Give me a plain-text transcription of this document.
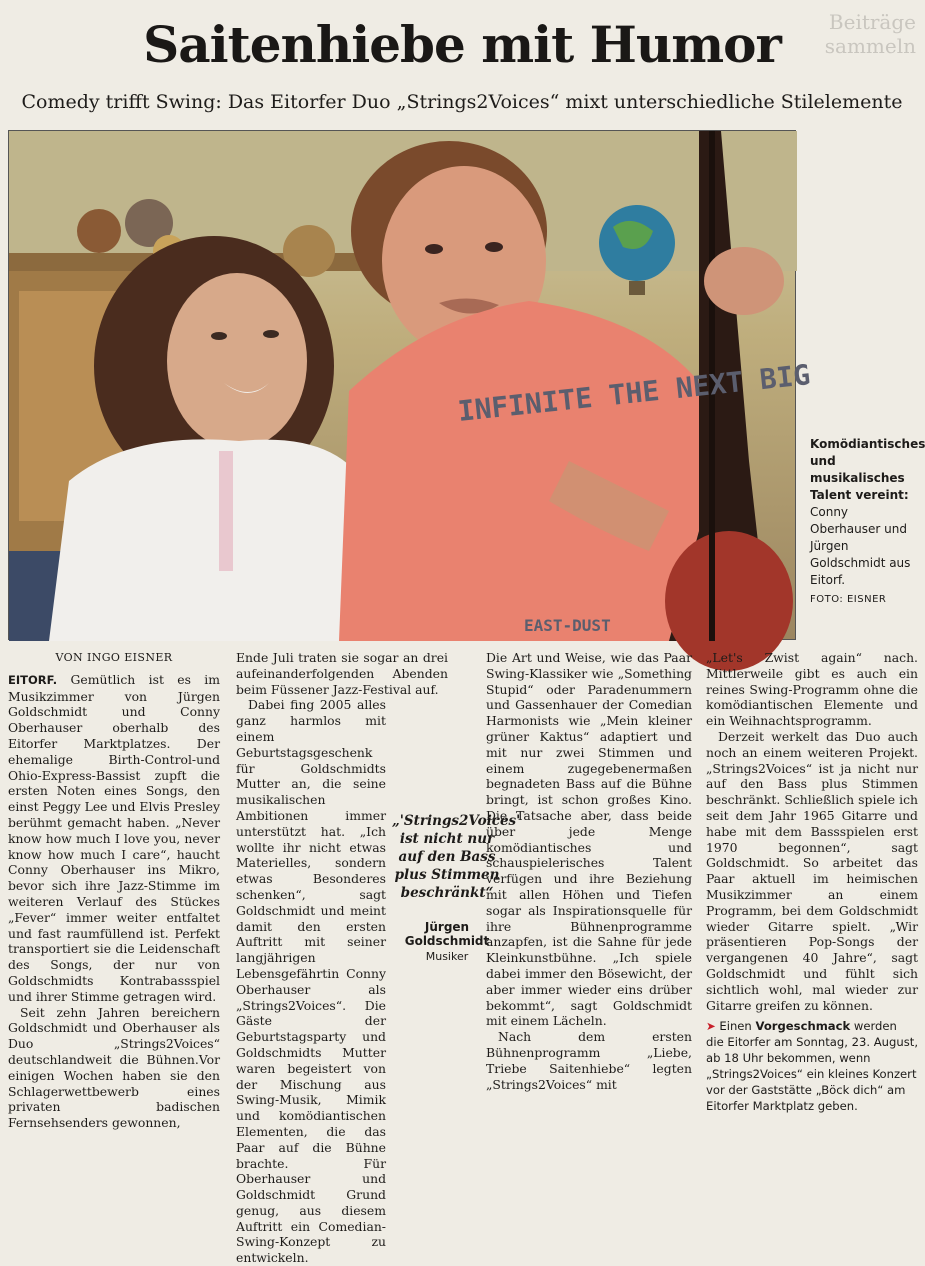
Beiträge sammeln
Saitenhiebe mit Humor
Comedy trifft Swing: Das Eitorfer Duo „Strings2Voices“ mixt unterschiedliche Stilelemente
INFINITE THE NEXT BIG
EAST-DUST
Komödiantisches und musikalisches Talent vereint: Conny Oberhauser und Jürgen Goldschmidt aus Eitorf.
FOTO: EISNER
VON INGO EISNER

EITORF. Gemütlich ist es im Musikzimmer von Jürgen Goldschmidt und Conny Oberhauser oberhalb des Eitorfer Marktplatzes. Der ehemalige Birth-Control-und Ohio-Express-Bassist zupft die ersten Noten eines Songs, den einst Peggy Lee und Elvis Presley berühmt gemacht haben. „Never know how much I love you, never know how much I care“, haucht Conny Oberhauser ins Mikro, bevor sich ihre Jazz-Stimme im weiteren Verlauf des Stückes „Fever“ immer weiter entfaltet und fast raumfüllend ist. Perfekt transportiert sie die Leidenschaft des Songs, der nur von Goldschmidts Kontrabassspiel und ihrer Stimme getragen wird.

Seit zehn Jahren bereichern Goldschmidt und Oberhauser als Duo „Strings2Voices“ deutschlandweit die Bühnen.Vor einigen Wochen haben sie den Schlagerwettbewerb eines privaten badischen Fernsehsenders gewonnen,

Ende Juli traten sie sogar an drei aufeinanderfolgenden Abenden beim Füssener Jazz-Festival auf.

Dabei fing 2005 alles ganz harmlos mit einem Geburtstagsgeschenk für Goldschmidts Mutter an, die seine musikalischen Ambitionen immer unterstützt hat. „Ich wollte ihr nicht etwas Materielles, sondern etwas Besonderes schenken“, sagt Goldschmidt und meint damit den ersten Auftritt mit seiner langjährigen Lebensgefährtin Conny Oberhauser als „Strings2Voices“. Die Gäste der Geburtstagsparty und Goldschmidts Mutter waren begeistert von der Mischung aus Swing-Musik, Mimik und komödiantischen Elementen, die das Paar auf die Bühne brachte. Für Oberhauser und Goldschmidt Grund genug, aus diesem Auftritt ein Comedian-Swing-Konzept zu entwickeln.

„'Strings2Voices' ist nicht nur auf den Bass plus Stimmen beschränkt“
Jürgen Goldschmidt
Musiker

Die Art und Weise, wie das Paar Swing-Klassiker wie „Something Stupid“ oder Paradenummern und Gassenhauer der Comedian Harmonists wie „Mein kleiner grüner Kaktus“ adaptiert und mit nur zwei Stimmen und einem zugegebenermaßen begnadeten Bass auf die Bühne bringt, ist schon großes Kino. Die Tatsache aber, dass beide über jede Menge komödiantisches und schauspielerisches Talent verfügen und ihre Beziehung mit allen Höhen und Tiefen sogar als Inspirationsquelle für ihre Bühnenprogramme anzapfen, ist die Sahne für jede Kleinkunstbühne. „Ich spiele dabei immer den Bösewicht, der aber immer wieder eins drüber bekommt“, sagt Goldschmidt mit einem Lächeln.

Nach dem ersten Bühnenprogramm „Liebe, Triebe Saitenhiebe“ legten „Strings2Voices“ mit

„Let's Zwist again“ nach. Mittlerweile gibt es auch ein reines Swing-Programm ohne die komödiantischen Elemente und ein Weihnachtsprogramm.

Derzeit werkelt das Duo auch noch an einem weiteren Projekt. „Strings2Voices“ ist ja nicht nur auf den Bass plus Stimmen beschränkt. Schließlich spiele ich seit dem Jahr 1965 Gitarre und habe mit dem Bassspielen erst 1970 begonnen“, sagt Goldschmidt. So arbeitet das Paar aktuell im heimischen Musikzimmer an einem Programm, bei dem Goldschmidt wieder Gitarre spielt. „Wir präsentieren Pop-Songs der vergangenen 40 Jahre“, sagt Goldschmidt und fühlt sich sichtlich wohl, mal wieder zur Gitarre greifen zu können.

➤ Einen Vorgeschmack werden die Eitorfer am Sonntag, 23. August, ab 18 Uhr bekommen, wenn „Strings2Voices“ ein kleines Konzert vor der Gaststätte „Böck dich“ am Eitorfer Marktplatz geben.
